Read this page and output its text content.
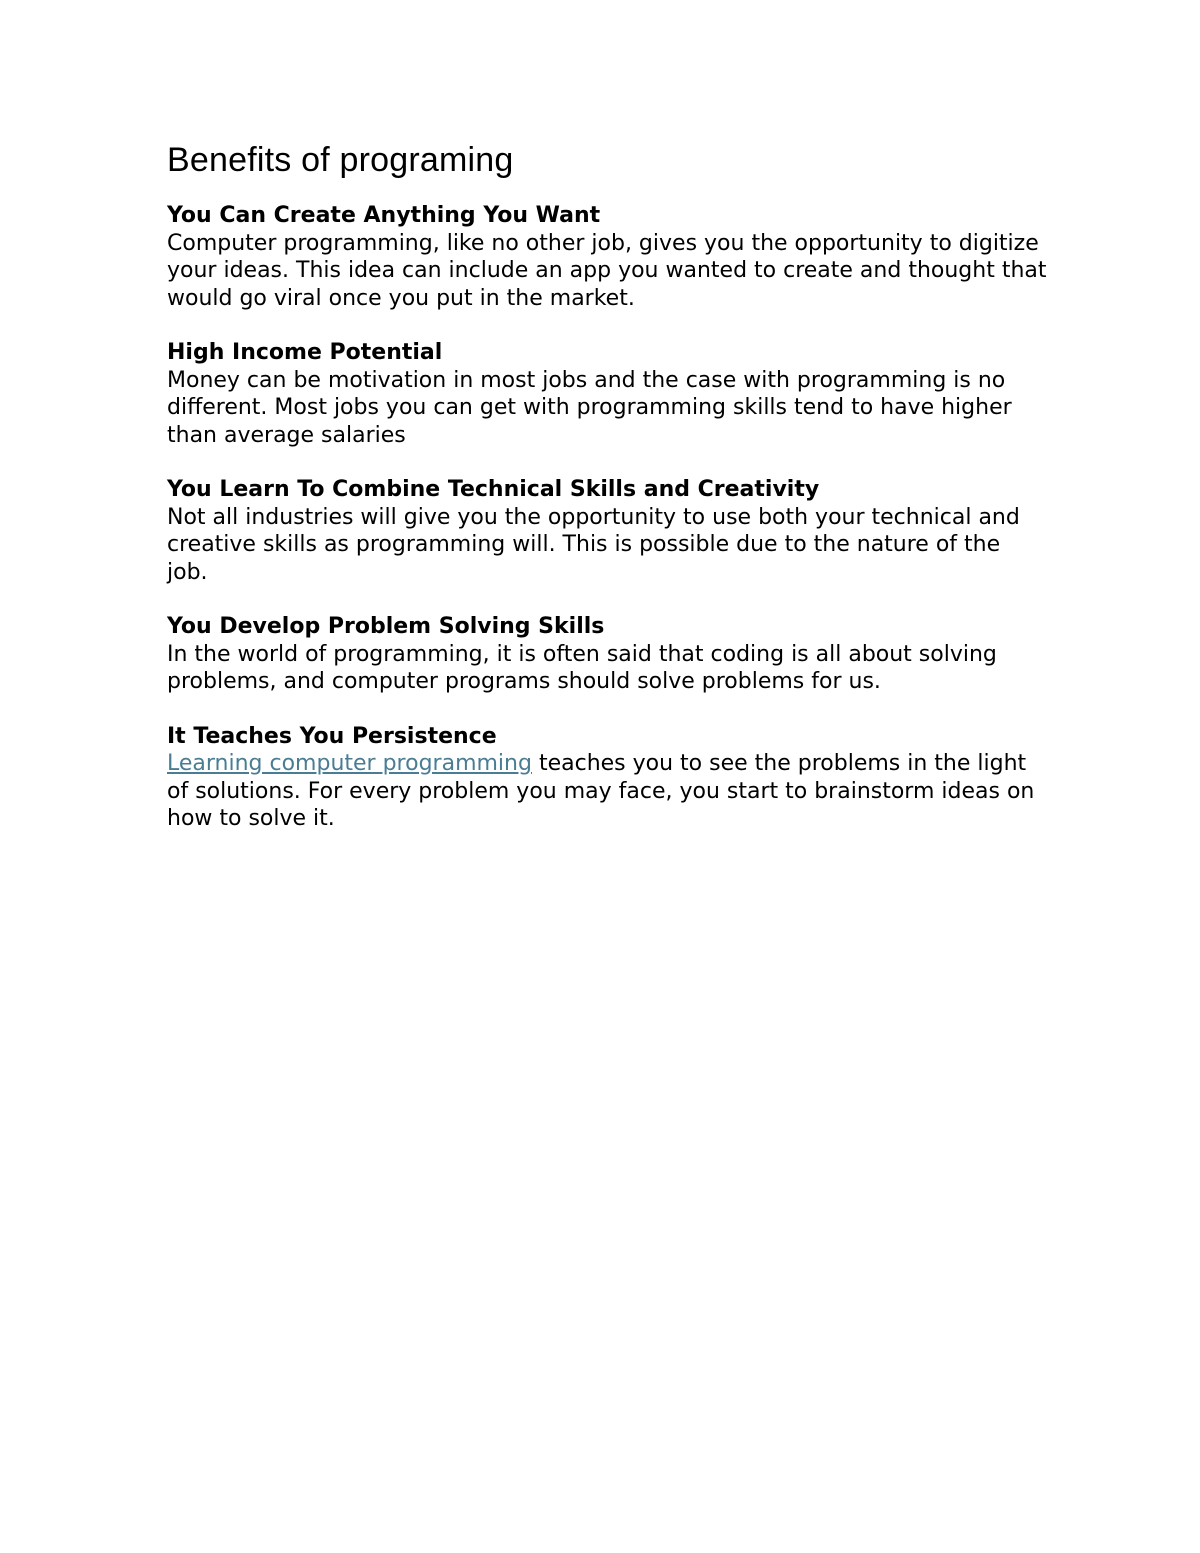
Benefits of programing

You Can Create Anything You Want

Computer programming, like no other job, gives you the opportunity to digitize your ideas. This idea can include an app you wanted to create and thought that would go viral once you put in the market.

High Income Potential

Money can be motivation in most jobs and the case with programming is no different. Most jobs you can get with programming skills tend to have higher than average salaries

You Learn To Combine Technical Skills and Creativity

Not all industries will give you the opportunity to use both your technical and creative skills as programming will. This is possible due to the nature of the job.

You Develop Problem Solving Skills

In the world of programming, it is often said that coding is all about solving problems, and computer programs should solve problems for us.

It Teaches You Persistence

Learning computer programming teaches you to see the problems in the light of solutions. For every problem you may face, you start to brainstorm ideas on how to solve it.
